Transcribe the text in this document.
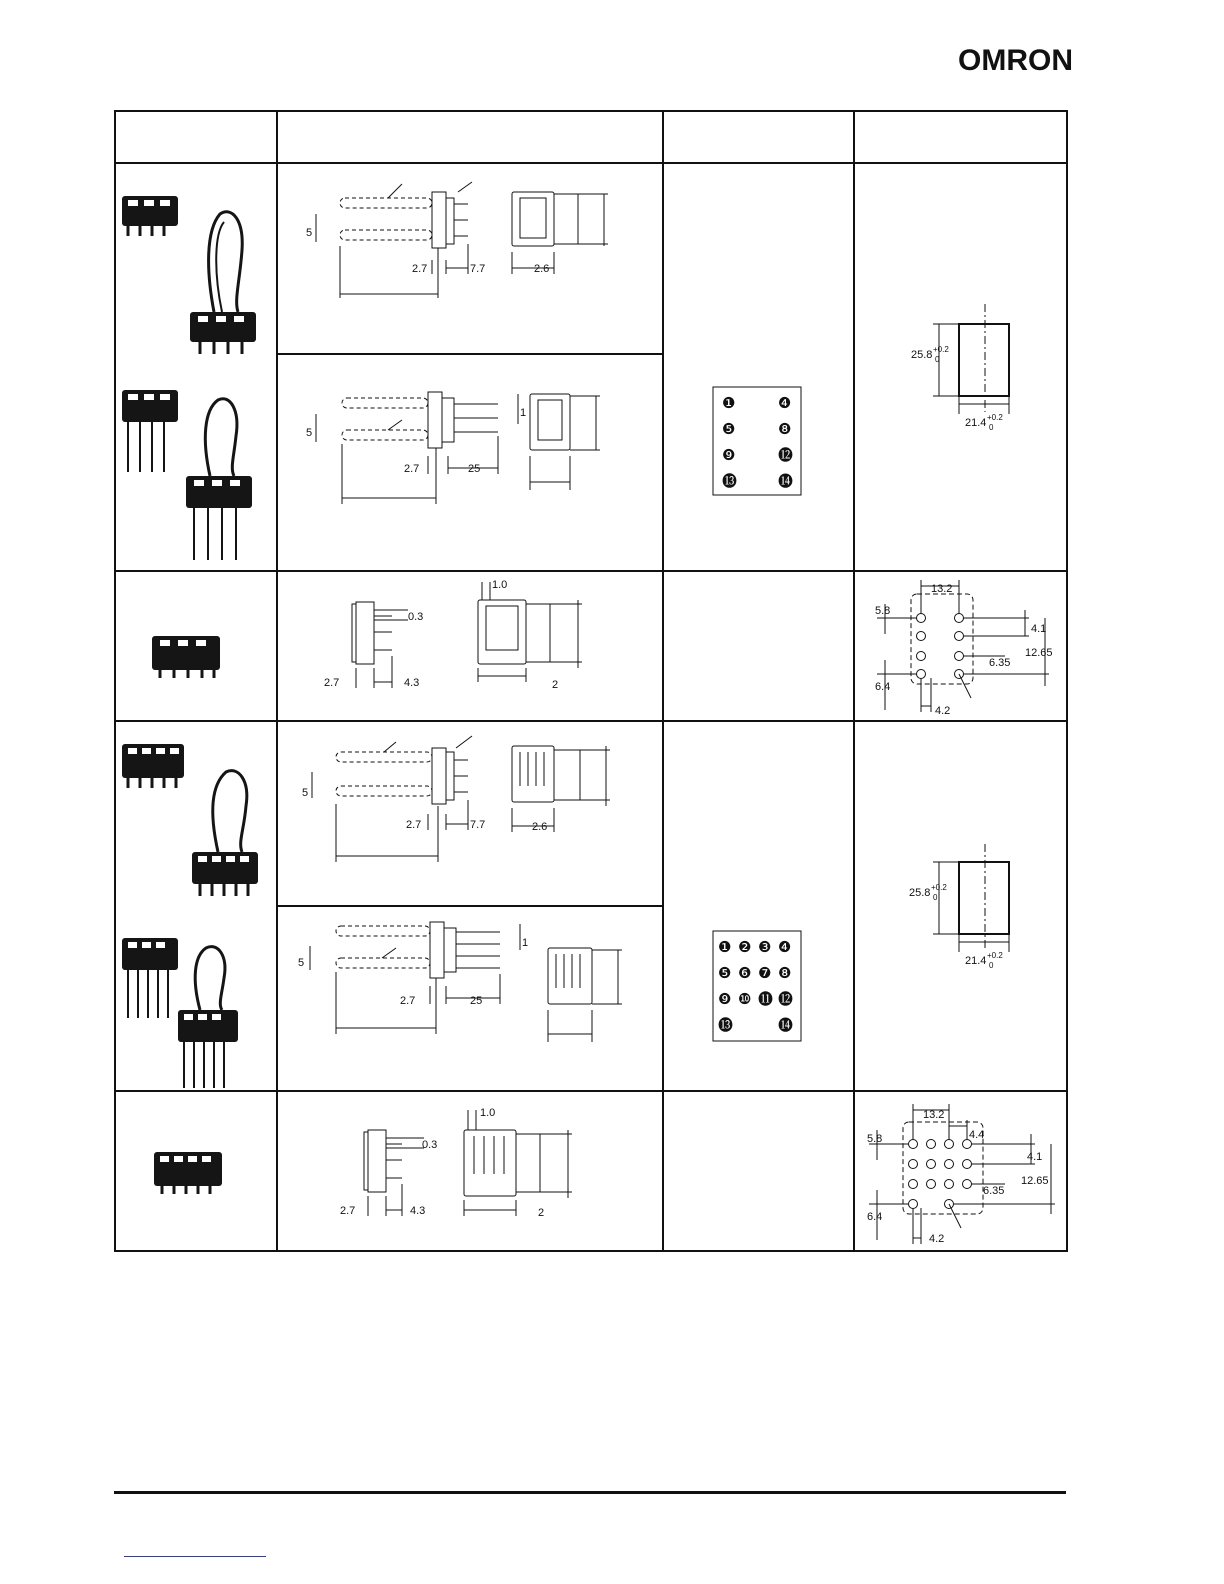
OMRON
5
2.7	7.7	2.6
5
2.7	25
1
1.0
0.3
2.7	4.3	2
5
2.7	7.7	2.6
5
2.7	25
1
1.0
0.3
2.7	4.3	2
❶	❹
❺	❽
❾	⓬
⓭	⓮
❶ ❷ ❸ ❹
❺ ❻ ❼ ❽
❾ ❿ ⓫ ⓬
⓭	⓮
25.8 +0.2
0
21.4 +0.2
0
25.8 +0.2
0
21.4 +0.2
0
13.2
5.8
4.1
12.65
6.35
6.4
4.2
13.2
4.4
5.8
4.1
12.65
6.35
6.4
4.2
